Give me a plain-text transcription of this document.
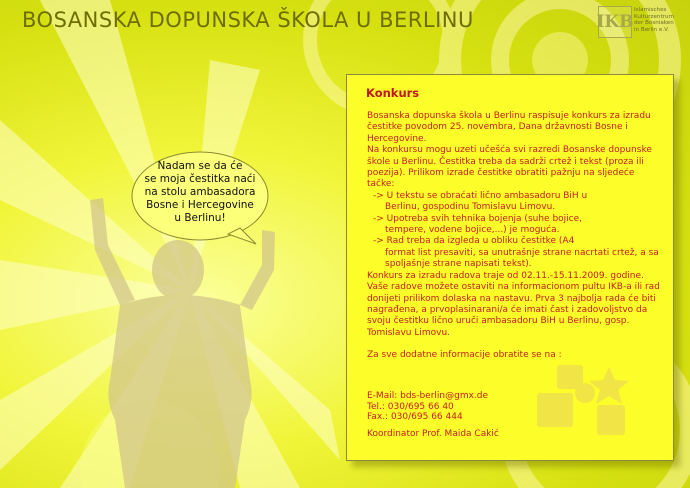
BOSANSKA DOPUNSKA ŠKOLA U BERLINU	IKB
Islamisches
Kulturzentrum
der Bosniaken
in Berlin e.V.
Nadam se da će
se moja čestitka naći
na stolu ambasadora
Bosne i Hercegovine
u Berlinu!
Konkurs

Bosanska dopunska škola u Berlinu raspisuje konkurs za izradu čestitke povodom 25. novembra, Dana državnosti Bosne i Hercegovine.

Na konkursu mogu uzeti učešća svi razredi Bosanske dopunske škole u Berlinu. Čestitka treba da sadrži crtež i tekst (proza ili poezija). Prilikom izrade čestitke obratiti pažnju na sljedeće tačke:

-> U tekstu se obraćati lično ambasadoru BiH u
Berlinu, gospodinu Tomislavu Limovu.
-> Upotreba svih tehnika bojenja (suhe bojice,
tempere, vodene bojice,...) je moguća.
-> Rad treba da izgleda u obliku čestitke (A4
format list presaviti, sa unutrašnje strane nacrtati crtež, a sa spoljašnje strane napisati tekst).

Konkurs za izradu radova traje od 02.11.-15.11.2009. godine. Vaše radove možete ostaviti na informacionom pultu IKB-a ili rad donijeti prilikom dolaska na nastavu. Prva 3 najbolja rada će biti nagrađena, a prvoplasinarani/a će imati čast i zadovoljstvo da svoju čestitku lično uruči ambasadoru BiH u Berlinu, gosp. Tomislavu Limovu.

Za sve dodatne informacije obratite se na :

E-Mail: bds-berlin@gmx.de

Tel.: 030/695 66 40

Fax.: 030/695 66 444

Koordinator Prof. Maida Cakić
